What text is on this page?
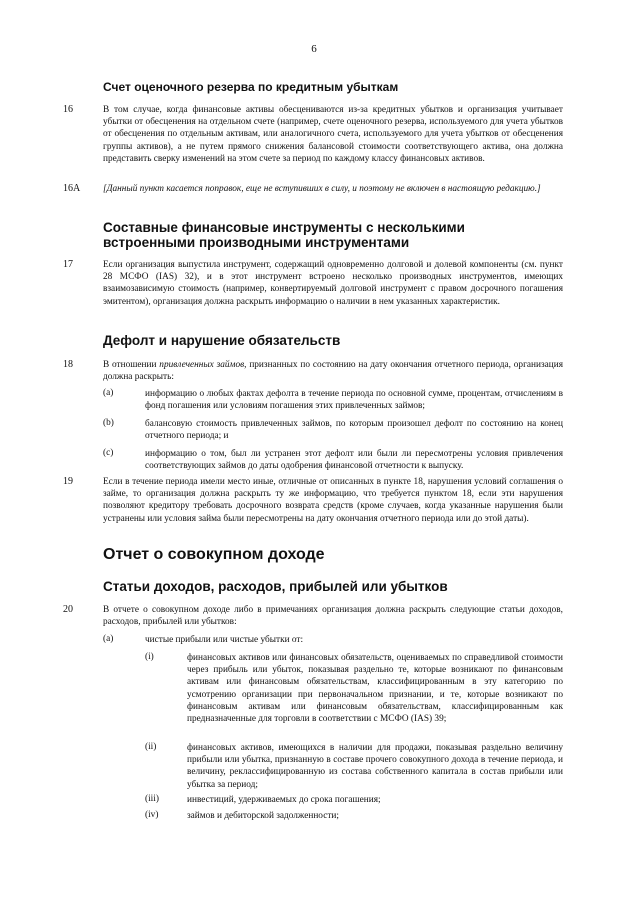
6
Счет оценочного резерва по кредитным убыткам
16	В том случае, когда финансовые активы обесцениваются из-за кредитных убытков и организация учитывает убытки от обесценения на отдельном счете (например, счете оценочного резерва, используемого для учета убытков от обесценения по отдельным активам, или аналогичного счета, используемого для учета убытков от обесценения группы активов), а не путем прямого снижения балансовой стоимости соответствующего актива, она должна представить сверку изменений на этом счете за период по каждому классу финансовых активов.
16А [Данный пункт касается поправок, еще не вступивших в силу, и поэтому не включен в настоящую редакцию.]
Составные финансовые инструменты с несколькими встроенными производными инструментами
17	Если организация выпустила инструмент, содержащий одновременно долговой и долевой компоненты (см. пункт 28 МСФО (IAS) 32), и в этот инструмент встроено несколько производных инструментов, имеющих взаимозависимую стоимость (например, конвертируемый долговой инструмент с правом досрочного погашения эмитентом), организация должна раскрыть информацию о наличии в нем указанных характеристик.
Дефолт и нарушение обязательств
18	В отношении привлеченных займов, признанных по состоянию на дату окончания отчетного периода, организация должна раскрыть:
(a)	информацию о любых фактах дефолта в течение периода по основной сумме, процентам, отчислениям в фонд погашения или условиям погашения этих привлеченных займов;
(b)	балансовую стоимость привлеченных займов, по которым произошел дефолт по состоянию на конец отчетного периода; и
(c)	информацию о том, был ли устранен этот дефолт или были ли пересмотрены условия привлечения соответствующих займов до даты одобрения финансовой отчетности к выпуску.
19	Если в течение периода имели место иные, отличные от описанных в пункте 18, нарушения условий соглашения о займе, то организация должна раскрыть ту же информацию, что требуется пунктом 18, если эти нарушения позволяют кредитору требовать досрочного возврата средств (кроме случаев, когда указанные нарушения были устранены или условия займа были пересмотрены на дату окончания отчетного периода или до этой даты).
Отчет о совокупном доходе
Статьи доходов, расходов, прибылей или убытков
20	В отчете о совокупном доходе либо в примечаниях организация должна раскрыть следующие статьи доходов, расходов, прибылей или убытков:
(a)	чистые прибыли или чистые убытки от:
(i)	финансовых активов или финансовых обязательств, оцениваемых по справедливой стоимости через прибыль или убыток, показывая раздельно те, которые возникают по финансовым активам или финансовым обязательствам, классифицированным в эту категорию по усмотрению организации при первоначальном признании, и те, которые возникают по финансовым активам или финансовым обязательствам, классифицированным как предназначенные для торговли в соответствии с МСФО (IAS) 39;
(ii)	финансовых активов, имеющихся в наличии для продажи, показывая раздельно величину прибыли или убытка, признанную в составе прочего совокупного дохода в течение периода, и величину, реклассифицированную из состава собственного капитала в состав прибыли или убытка за период;
(iii)	инвестиций, удерживаемых до срока погашения;
(iv)	займов и дебиторской задолженности;
